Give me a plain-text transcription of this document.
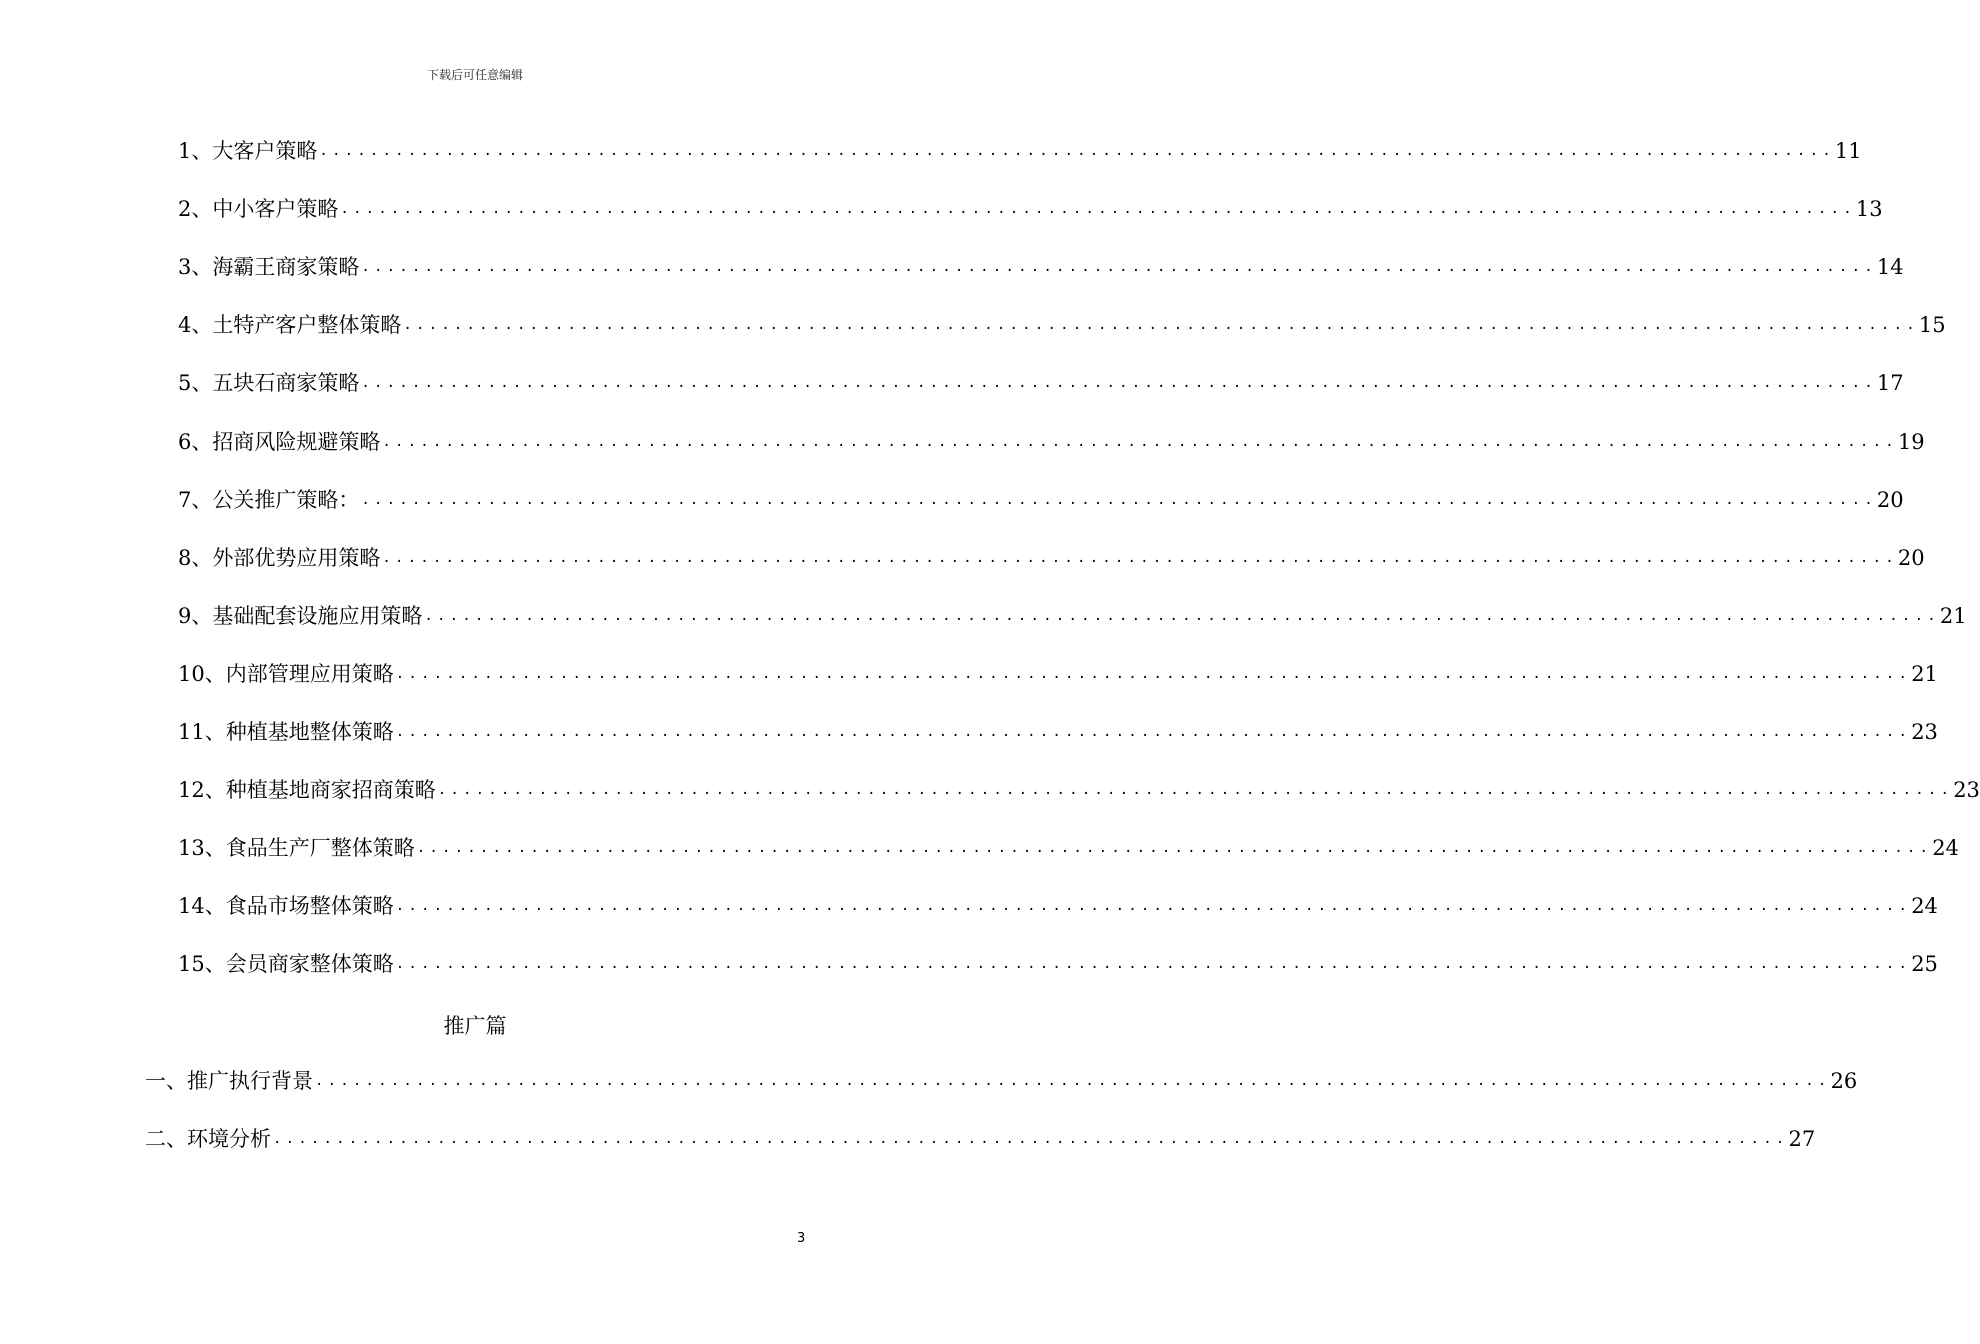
下载后可任意编辑
1、 大客户策略 ........................................................................................................................ 11
2、 中小客户策略 ........................................................................................................................ 13
3、 海霸王商家策略 ........................................................................................................................ 14
4、 土特产客户整体策略 ........................................................................................................................ 15
5、 五块石商家策略 ........................................................................................................................ 17
6、 招商风险规避策略 ........................................................................................................................ 19
7、 公关推广策略： ........................................................................................................................ 20
8、 外部优势应用策略 ........................................................................................................................ 20
9、 基础配套设施应用策略 ........................................................................................................................ 21
10、 内部管理应用策略 ........................................................................................................................ 21
11、 种植基地整体策略 ........................................................................................................................ 23
12、 种植基地商家招商策略 ........................................................................................................................ 23
13、 食品生产厂整体策略 ........................................................................................................................ 24
14、 食品市场整体策略 ........................................................................................................................ 24
15、 会员商家整体策略 ........................................................................................................................ 25
一、 推广执行背景 ........................................................................................................................ 26
二、 环境分析 ........................................................................................................................ 27
推广篇
3
